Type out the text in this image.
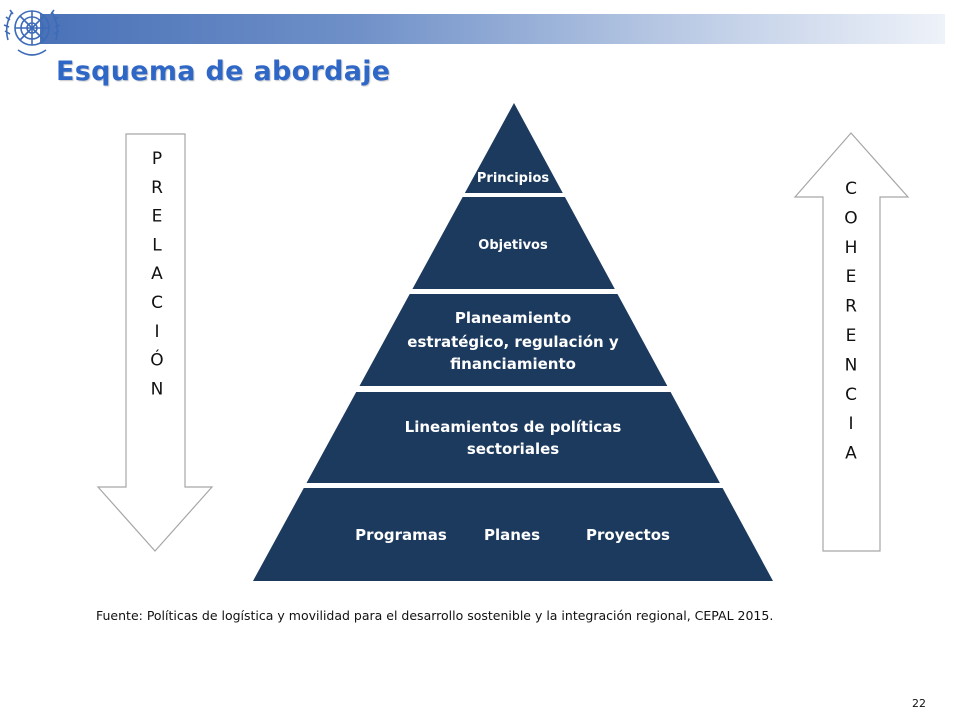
Esquema de abordaje
P
R
E
L
A
C
I
Ó
N
C
O
H
E
R
E
N
C
I
A
Principios
Objetivos
Planeamiento
estratégico, regulación y
financiamiento
Lineamientos de políticas
sectoriales
Programas Planes	Proyectos
Fuente: Políticas de logística y movilidad para el desarrollo sostenible y la integración regional, CEPAL 2015.
22
